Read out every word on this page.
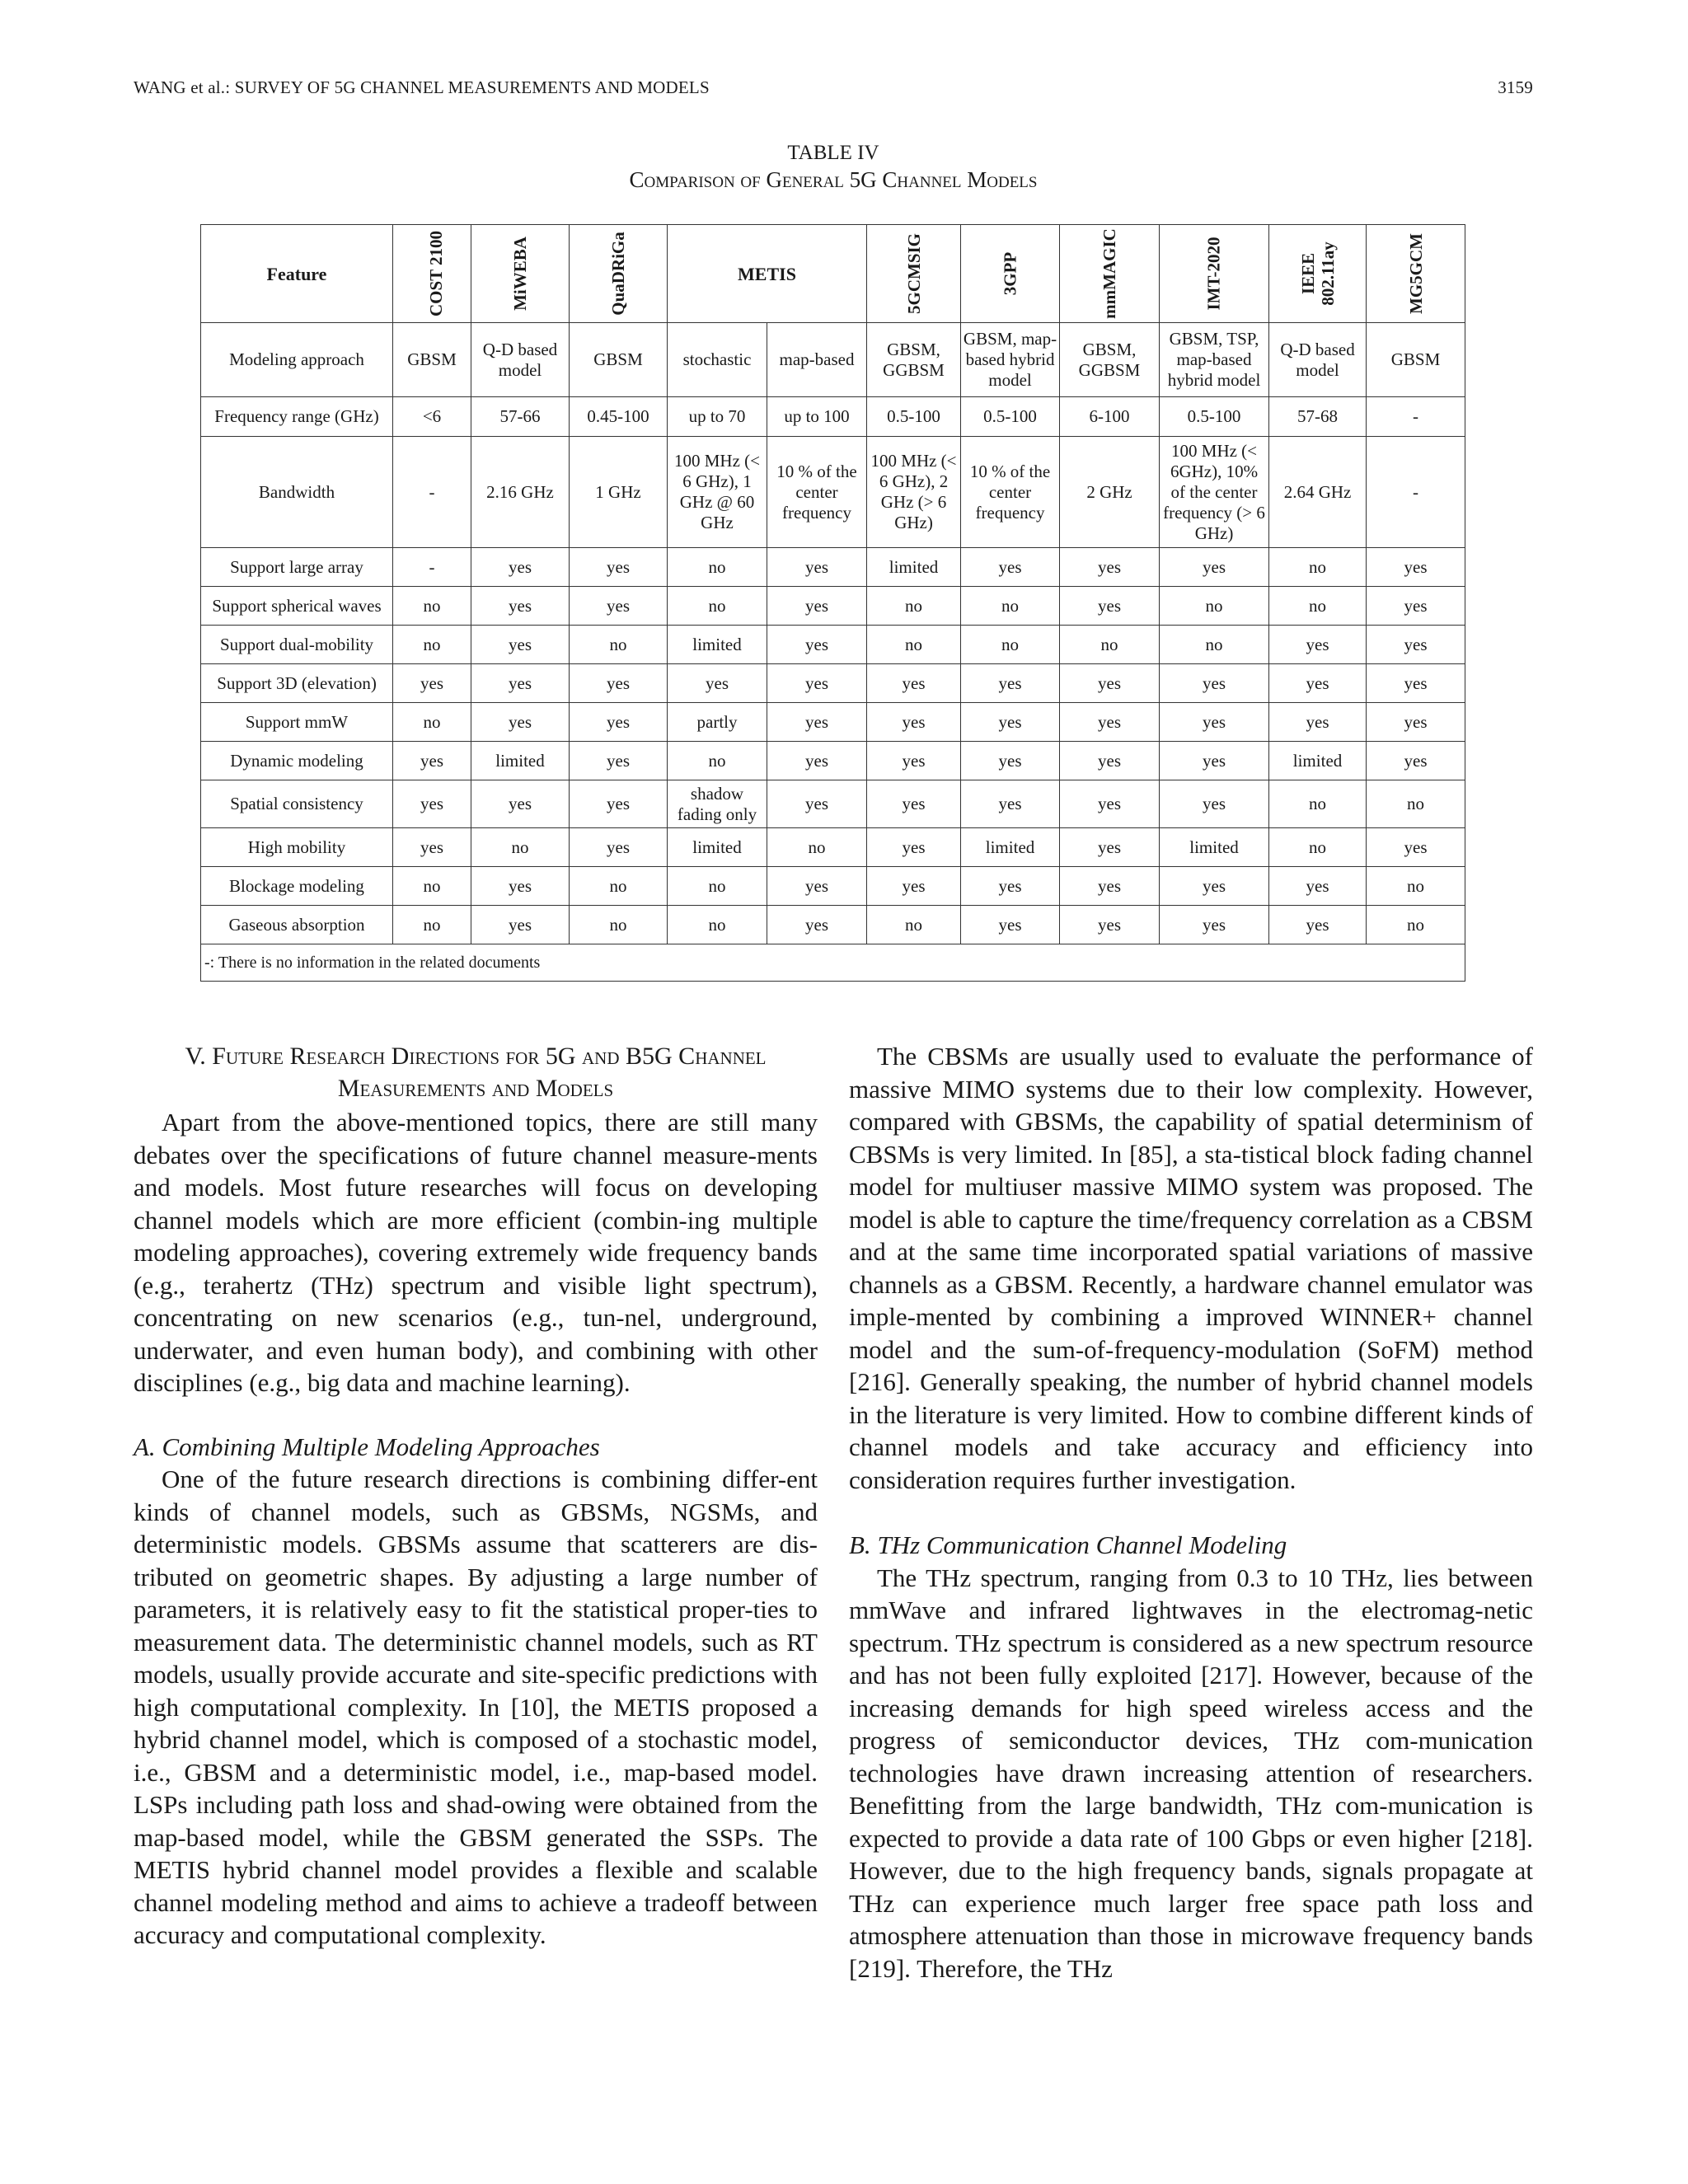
WANG et al.: SURVEY OF 5G CHANNEL MEASUREMENTS AND MODELS	3159
TABLE IV
Comparison of General 5G Channel Models
Feature	COST 2100	MiWEBA	QuaDRiGa	METIS		5GCMSIG	3GPP	mmMAGIC	IMT-2020	IEEE 802.11ay	MG5GCM
Modeling approach	GBSM	Q-D based model	GBSM	stochastic	map-based	GBSM, GGBSM	GBSM, map-based hybrid model	GBSM, GGBSM	GBSM, TSP, map-based hybrid model	Q-D based model	GBSM
Frequency range (GHz)	<6	57-66	0.45-100	up to 70	up to 100	0.5-100	0.5-100	6-100	0.5-100	57-68	-
Bandwidth	-	2.16 GHz	1 GHz	100 MHz (< 6 GHz), 1 GHz @ 60 GHz	10 % of the center frequency	100 MHz (< 6 GHz), 2 GHz (> 6 GHz)	10 % of the center frequency	2 GHz	100 MHz (< 6GHz), 10% of the center frequency (> 6 GHz)	2.64 GHz	-
Support large array	-	yes	yes	no	yes	limited	yes	yes	yes	no	yes
Support spherical waves	no	yes	yes	no	yes	no	no	yes	no	no	yes
Support dual-mobility	no	yes	no	limited	yes	no	no	no	no	yes	yes
Support 3D (elevation)	yes	yes	yes	yes	yes	yes	yes	yes	yes	yes	yes
Support mmW	no	yes	yes	partly	yes	yes	yes	yes	yes	yes	yes
Dynamic modeling	yes	limited	yes	no	yes	yes	yes	yes	yes	limited	yes
Spatial consistency	yes	yes	yes	shadow fading only	yes	yes	yes	yes	yes	no	no
High mobility	yes	no	yes	limited	no	yes	limited	yes	limited	no	yes
Blockage modeling	no	yes	no	no	yes	yes	yes	yes	yes	yes	no
Gaseous absorption	no	yes	no	no	yes	no	yes	yes	yes	yes	no
-: There is no information in the related documents											
V. Future Research Directions for 5G and B5G Channel Measurements and Models

Apart from the above-mentioned topics, there are still many debates over the specifications of future channel measure-ments and models. Most future researches will focus on developing channel models which are more efficient (combin-ing multiple modeling approaches), covering extremely wide frequency bands (e.g., terahertz (THz) spectrum and visible light spectrum), concentrating on new scenarios (e.g., tun-nel, underground, underwater, and even human body), and combining with other disciplines (e.g., big data and machine learning).

A. Combining Multiple Modeling Approaches

One of the future research directions is combining differ-ent kinds of channel models, such as GBSMs, NGSMs, and deterministic models. GBSMs assume that scatterers are dis-tributed on geometric shapes. By adjusting a large number of parameters, it is relatively easy to fit the statistical proper-ties to measurement data. The deterministic channel models, such as RT models, usually provide accurate and site-specific predictions with high computational complexity. In [10], the METIS proposed a hybrid channel model, which is composed of a stochastic model, i.e., GBSM and a deterministic model, i.e., map-based model. LSPs including path loss and shad-owing were obtained from the map-based model, while the GBSM generated the SSPs. The METIS hybrid channel model provides a flexible and scalable channel modeling method and aims to achieve a tradeoff between accuracy and computational complexity.

The CBSMs are usually used to evaluate the performance of massive MIMO systems due to their low complexity. However, compared with GBSMs, the capability of spatial determinism of CBSMs is very limited. In [85], a sta-tistical block fading channel model for multiuser massive MIMO system was proposed. The model is able to capture the time/frequency correlation as a CBSM and at the same time incorporated spatial variations of massive channels as a GBSM. Recently, a hardware channel emulator was imple-mented by combining a improved WINNER+ channel model and the sum-of-frequency-modulation (SoFM) method [216]. Generally speaking, the number of hybrid channel models in the literature is very limited. How to combine different kinds of channel models and take accuracy and efficiency into consideration requires further investigation.

B. THz Communication Channel Modeling

The THz spectrum, ranging from 0.3 to 10 THz, lies between mmWave and infrared lightwaves in the electromag-netic spectrum. THz spectrum is considered as a new spectrum resource and has not been fully exploited [217]. However, because of the increasing demands for high speed wireless access and the progress of semiconductor devices, THz com-munication technologies have drawn increasing attention of researchers. Benefitting from the large bandwidth, THz com-munication is expected to provide a data rate of 100 Gbps or even higher [218]. However, due to the high frequency bands, signals propagate at THz can experience much larger free space path loss and atmosphere attenuation than those in microwave frequency bands [219]. Therefore, the THz
